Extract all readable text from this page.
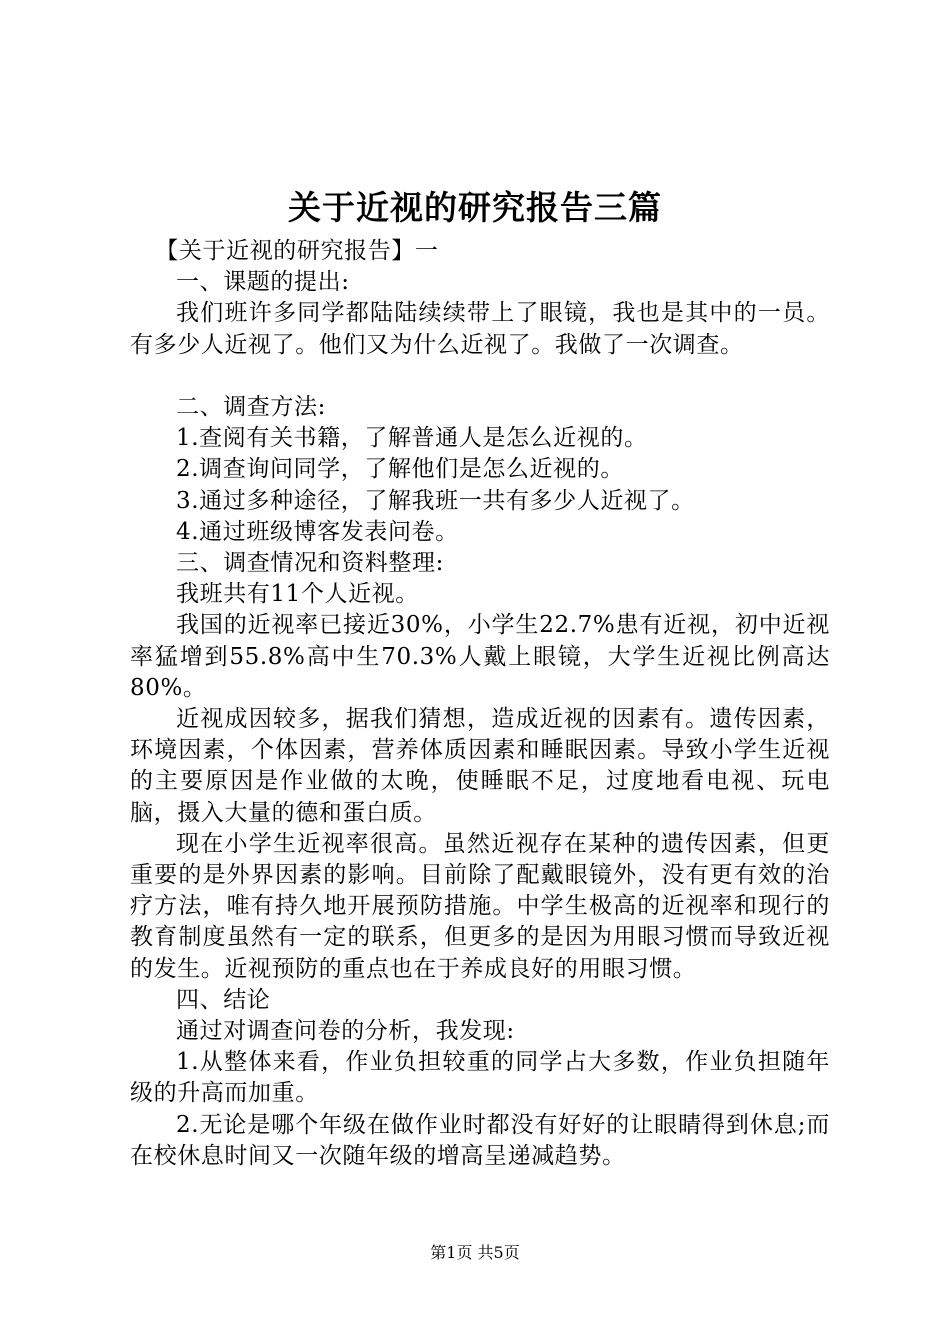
关于近视的研究报告三篇

【关于近视的研究报告】一

一、课题的提出:

我们班许多同学都陆陆续续带上了眼镜，我也是其中的一员。有多少人近视了。他们又为什么近视了。我做了一次调查。

二、调查方法:

1.查阅有关书籍，了解普通人是怎么近视的。

2.调查询问同学，了解他们是怎么近视的。

3.通过多种途径，了解我班一共有多少人近视了。

4.通过班级博客发表问卷。

三、调查情况和资料整理:

我班共有11个人近视。

我国的近视率已接近30%，小学生22.7%患有近视，初中近视率猛增到55.8%高中生70.3%人戴上眼镜，大学生近视比例高达80%。

近视成因较多，据我们猜想，造成近视的因素有。遗传因素，环境因素，个体因素，营养体质因素和睡眠因素。导致小学生近视的主要原因是作业做的太晚，使睡眠不足，过度地看电视、玩电脑，摄入大量的德和蛋白质。

现在小学生近视率很高。虽然近视存在某种的遗传因素，但更重要的是外界因素的影响。目前除了配戴眼镜外，没有更有效的治疗方法，唯有持久地开展预防措施。中学生极高的近视率和现行的教育制度虽然有一定的联系，但更多的是因为用眼习惯而导致近视的发生。近视预防的重点也在于养成良好的用眼习惯。

四、结论

通过对调查问卷的分析，我发现:

1.从整体来看，作业负担较重的同学占大多数，作业负担随年级的升高而加重。

2.无论是哪个年级在做作业时都没有好好的让眼睛得到休息;而在校休息时间又一次随年级的增高呈递减趋势。

第1页 共5页
